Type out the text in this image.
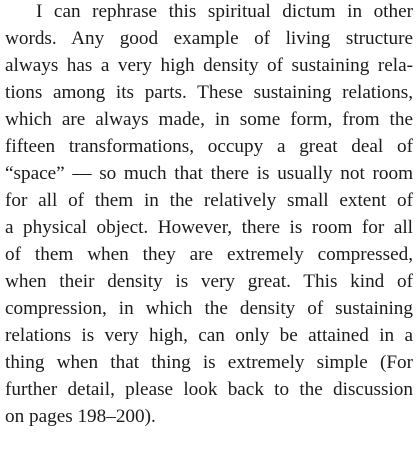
I can rephrase this spiritual dictum in other

words. Any good example of living structure

always has a very high density of sustaining rela-

tions among its parts. These sustaining relations,

which are always made, in some form, from the

fifteen transformations, occupy a great deal of

“space” — so much that there is usually not room

for all of them in the relatively small extent of

a physical object. However, there is room for all

of them when they are extremely compressed,

when their density is very great. This kind of

compression, in which the density of sustaining

relations is very high, can only be attained in a

thing when that thing is extremely simple (For

further detail, please look back to the discussion

on pages 198–200).
